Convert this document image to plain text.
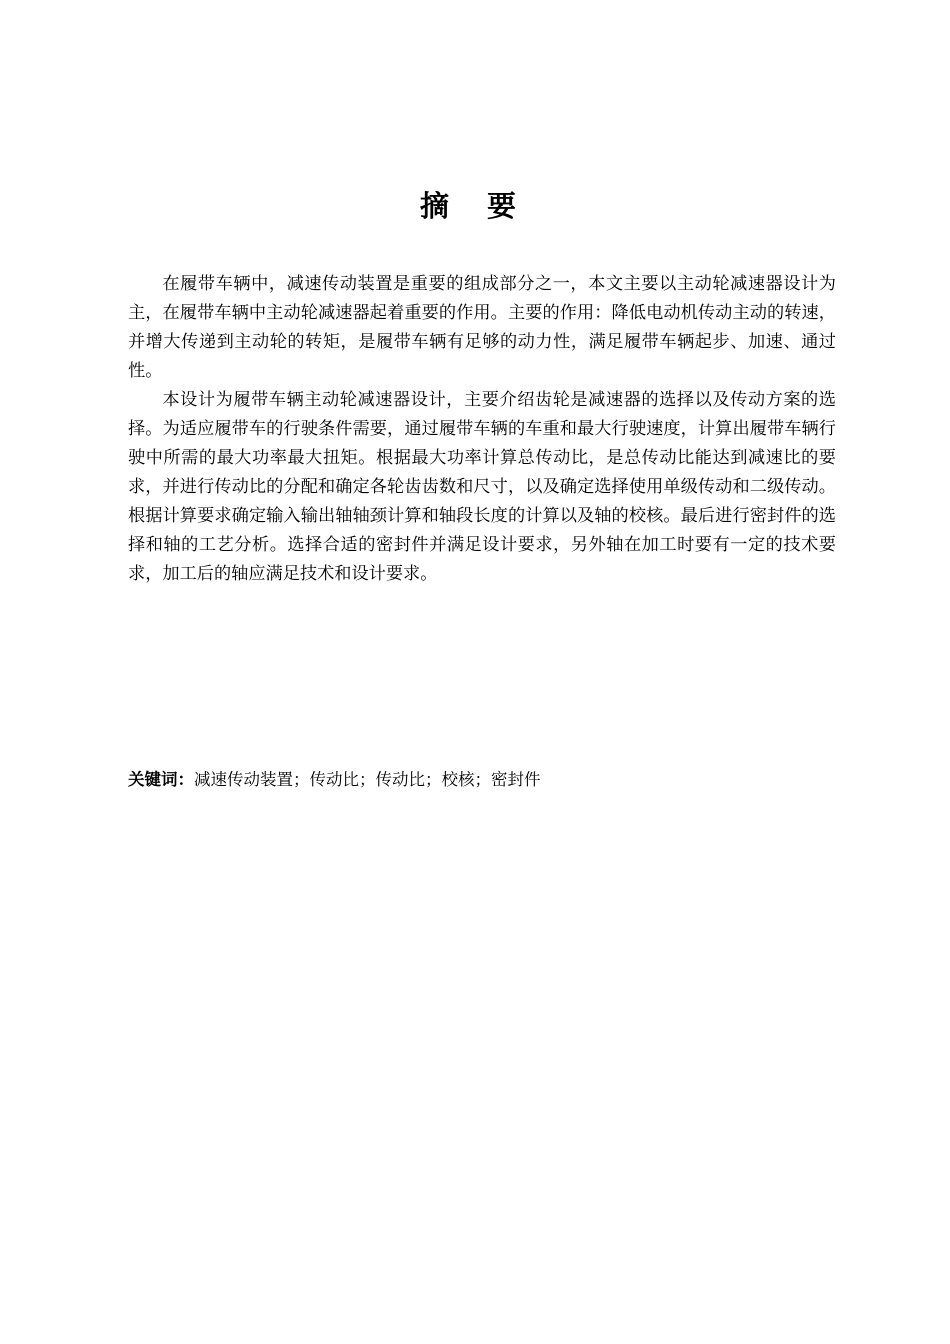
摘 要

在履带车辆中，减速传动装置是重要的组成部分之一，本文主要以主动轮减速器设计为主，在履带车辆中主动轮减速器起着重要的作用。主要的作用：降低电动机传动主动的转速，并增大传递到主动轮的转矩，是履带车辆有足够的动力性，满足履带车辆起步、加速、通过性。

本设计为履带车辆主动轮减速器设计，主要介绍齿轮是减速器的选择以及传动方案的选择。为适应履带车的行驶条件需要，通过履带车辆的车重和最大行驶速度，计算出履带车辆行驶中所需的最大功率最大扭矩。根据最大功率计算总传动比，是总传动比能达到减速比的要求，并进行传动比的分配和确定各轮齿齿数和尺寸，以及确定选择使用单级传动和二级传动。根据计算要求确定输入输出轴轴颈计算和轴段长度的计算以及轴的校核。最后进行密封件的选择和轴的工艺分析。选择合适的密封件并满足设计要求，另外轴在加工时要有一定的技术要求，加工后的轴应满足技术和设计要求。

关键词：减速传动装置；传动比；传动比；校核；密封件
